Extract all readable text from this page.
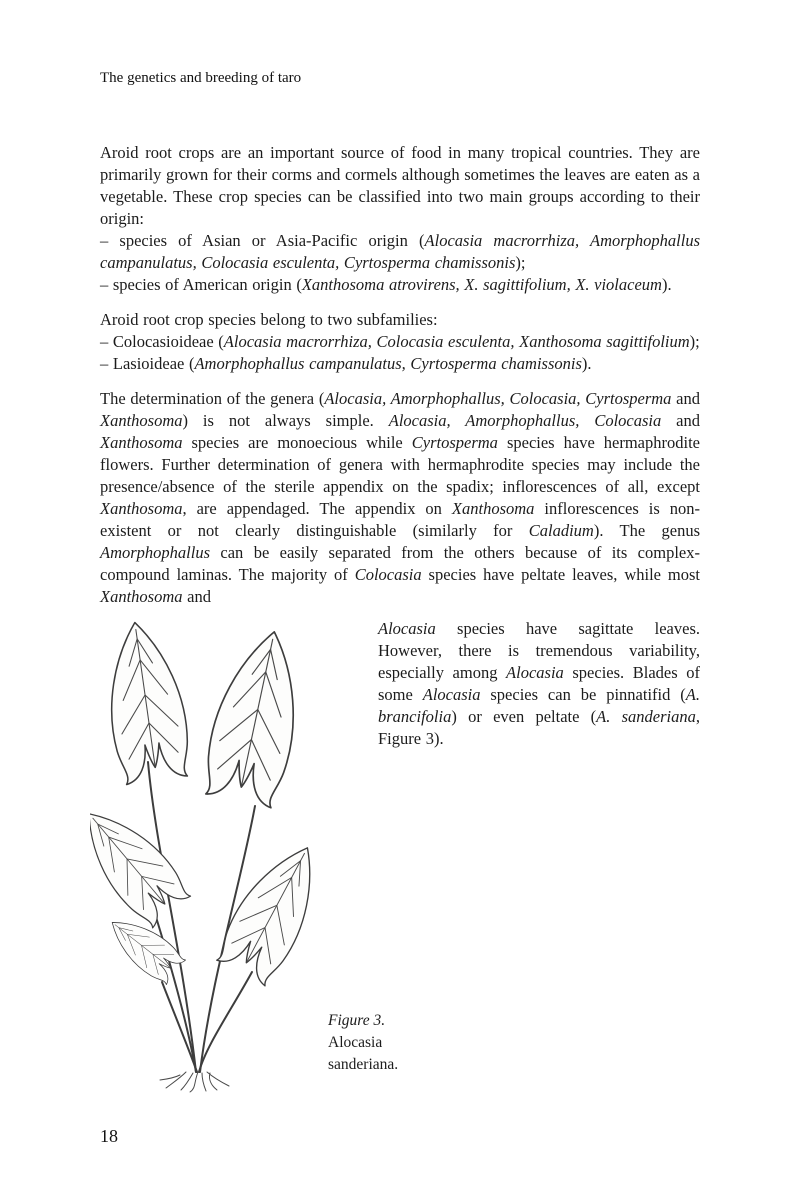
The genetics and breeding of taro

Aroid root crops are an important source of food in many tropical countries. They are primarily grown for their corms and cormels although sometimes the leaves are eaten as a vegetable. These crop species can be classified into two main groups according to their origin:

– species of Asian or Asia-Pacific origin (Alocasia macrorrhiza, Amorphophallus campanulatus, Colocasia esculenta, Cyrtosperma chamissonis);

– species of American origin (Xanthosoma atrovirens, X. sagittifolium, X. violaceum).

Aroid root crop species belong to two subfamilies:

– Colocasioideae (Alocasia macrorrhiza, Colocasia esculenta, Xanthosoma sagittifolium);

– Lasioideae (Amorphophallus campanulatus, Cyrtosperma chamissonis).

The determination of the genera (Alocasia, Amorphophallus, Colocasia, Cyrtosperma and Xanthosoma) is not always simple. Alocasia, Amorphophallus, Colocasia and Xanthosoma species are monoecious while Cyrtosperma species have hermaphrodite flowers. Further determination of genera with hermaphrodite species may include the presence/absence of the sterile appendix on the spadix; inflorescences of all, except Xanthosoma, are appendaged. The appendix on Xanthosoma inflorescences is non-existent or not clearly distinguishable (similarly for Caladium). The genus Amorphophallus can be easily separated from the others because of its complex-compound laminas. The majority of Colocasia species have peltate leaves, while most Xanthosoma and

Alocasia species have sagittate leaves. However, there is tremendous variability, especially among Alocasia species. Blades of some Alocasia species can be pinnatifid (A. brancifolia) or even peltate (A. sanderiana, Figure 3).

Figure 3.
Alocasia
sanderiana.
18
